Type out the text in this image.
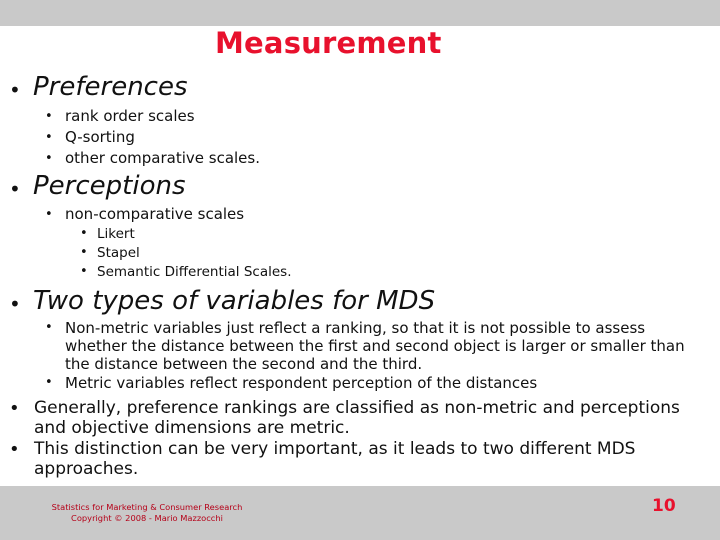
Measurement
• Preferences
• rank order scales
• Q-sorting
• other comparative scales.
• Perceptions
• non-comparative scales
• Likert
• Stapel
• Semantic Differential Scales.
• Two types of variables for MDS
• Non-metric variables just reflect a ranking, so that it is not possible to assess whether the distance between the first and second object is larger or smaller than the distance between the second and the third.
• Metric variables reflect respondent perception of the distances
• Generally, preference rankings are classified as non-metric and perceptions and objective dimensions are metric.
• This distinction can be very important, as it leads to two different MDS approaches.
Statistics for Marketing & Consumer Research
Copyright © 2008 - Mario Mazzocchi
10
